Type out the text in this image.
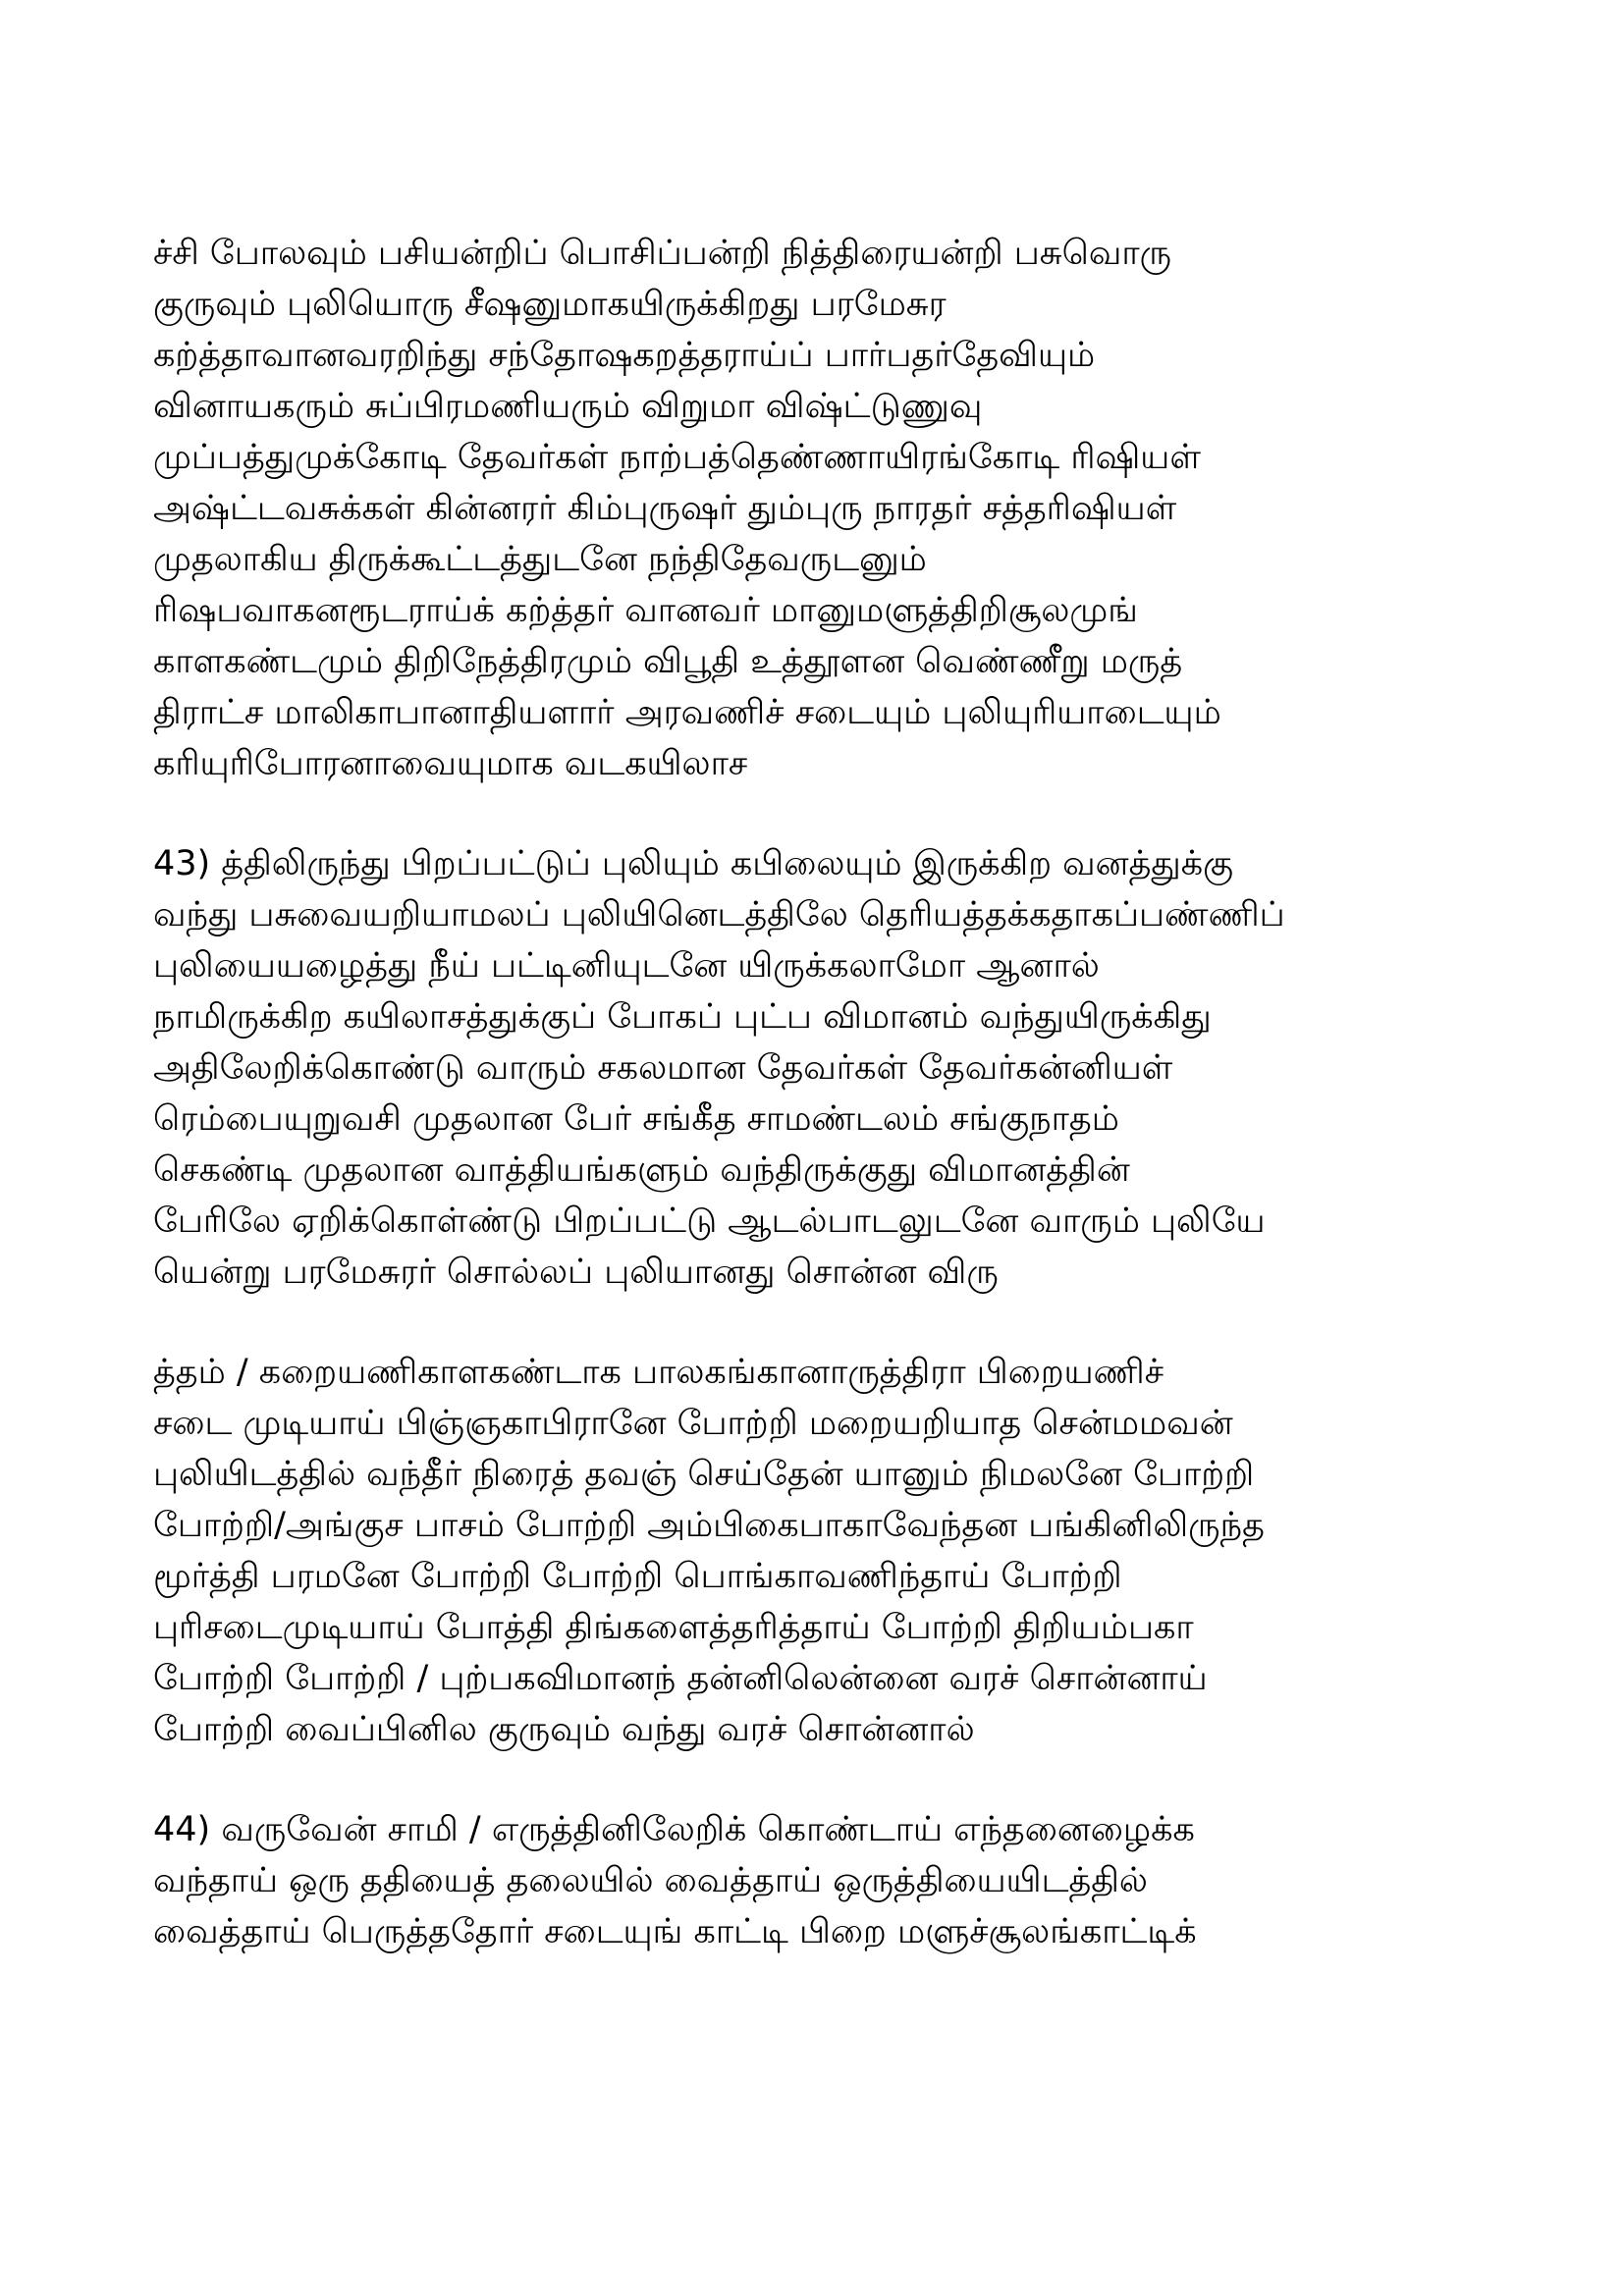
ச்சி போலவும் பசியன்றிப் பொசிப்பன்றி நித்திரையன்றி பசுவொரு
குருவும் புலியொரு சீஷனுமாகயிருக்கிறது பரமேசுர
கற்த்தாவானவரறிந்து சந்தோஷகறத்தராய்ப் பார்பதர்தேவியும்
வினாயகரும் சுப்பிரமணியரும் விறுமா விஷ்ட்டுணுவு
முப்பத்துமுக்கோடி தேவர்கள் நாற்பத்தெண்ணாயிரங்கோடி ரிஷியள்
அஷ்ட்டவசுக்கள் கின்னரர் கிம்புருஷர் தும்புரு நாரதர் சத்தரிஷியள்
முதலாகிய திருக்கூட்டத்துடனே நந்திதேவருடனும்
ரிஷபவாகனரூடராய்க் கற்த்தர் வானவர் மானுமளுத்திறிசூலமுங்
காளகண்டமும் திறிநேத்திரமும் விபூதி உத்தூளன வெண்ணீறு மருத்
திராட்ச மாலிகாபானாதியளார் அரவணிச் சடையும் புலியுரியாடையும்
கரியுரிபோரனாவையுமாக வடகயிலாச
43) த்திலிருந்து பிறப்பட்டுப் புலியும் கபிலையும் இருக்கிற வனத்துக்கு
வந்து பசுவையறியாமலப் புலியினெடத்திலே தெரியத்தக்கதாகப்பண்ணிப்
புலியையழைத்து நீய் பட்டினியுடனே யிருக்கலாமோ ஆனால்
நாமிருக்கிற கயிலாசத்துக்குப் போகப் புட்ப விமானம் வந்துயிருக்கிது
அதிலேறிக்கொண்டு வாரும் சகலமான தேவர்கள் தேவர்கன்னியள்
ரெம்பையுறுவசி முதலான பேர் சங்கீத சாமண்டலம் சங்குநாதம்
செகண்டி முதலான வாத்தியங்களும் வந்திருக்குது விமானத்தின்
பேரிலே ஏறிக்கொள்ண்டு பிறப்பட்டு ஆடல்பாடலுடனே வாரும் புலியே
யென்று பரமேசுரர் சொல்லப் புலியானது சொன்ன விரு
த்தம் / கறையணிகாளகண்டாக பாலகங்கானாருத்திரா பிறையணிச்
சடை முடியாய் பிஞ்ஞகாபிரானே போற்றி மறையறியாத சென்மமவன்
புலியிடத்தில் வந்தீர் நிரைத் தவஞ் செய்தேன் யானும் நிமலனே போற்றி
போற்றி/அங்குச பாசம் போற்றி அம்பிகைபாகாவேந்தன பங்கினிலிருந்த
மூர்த்தி பரமனே போற்றி போற்றி பொங்காவணிந்தாய் போற்றி
புரிசடைமுடியாய் போத்தி திங்களைத்தரித்தாய் போற்றி திறியம்பகா
போற்றி போற்றி / புற்பகவிமானந் தன்னிலென்னை வரச் சொன்னாய்
போற்றி வைப்பினில குருவும் வந்து வரச் சொன்னால்
44) வருவேன் சாமி / எருத்தினிலேறிக் கொண்டாய் எந்தனைழைக்க
வந்தாய் ஒரு ததியைத் தலையில் வைத்தாய் ஒருத்தியையிடத்தில்
வைத்தாய் பெருத்ததோர் சடையுங் காட்டி பிறை மளுச்சூலங்காட்டிக்
